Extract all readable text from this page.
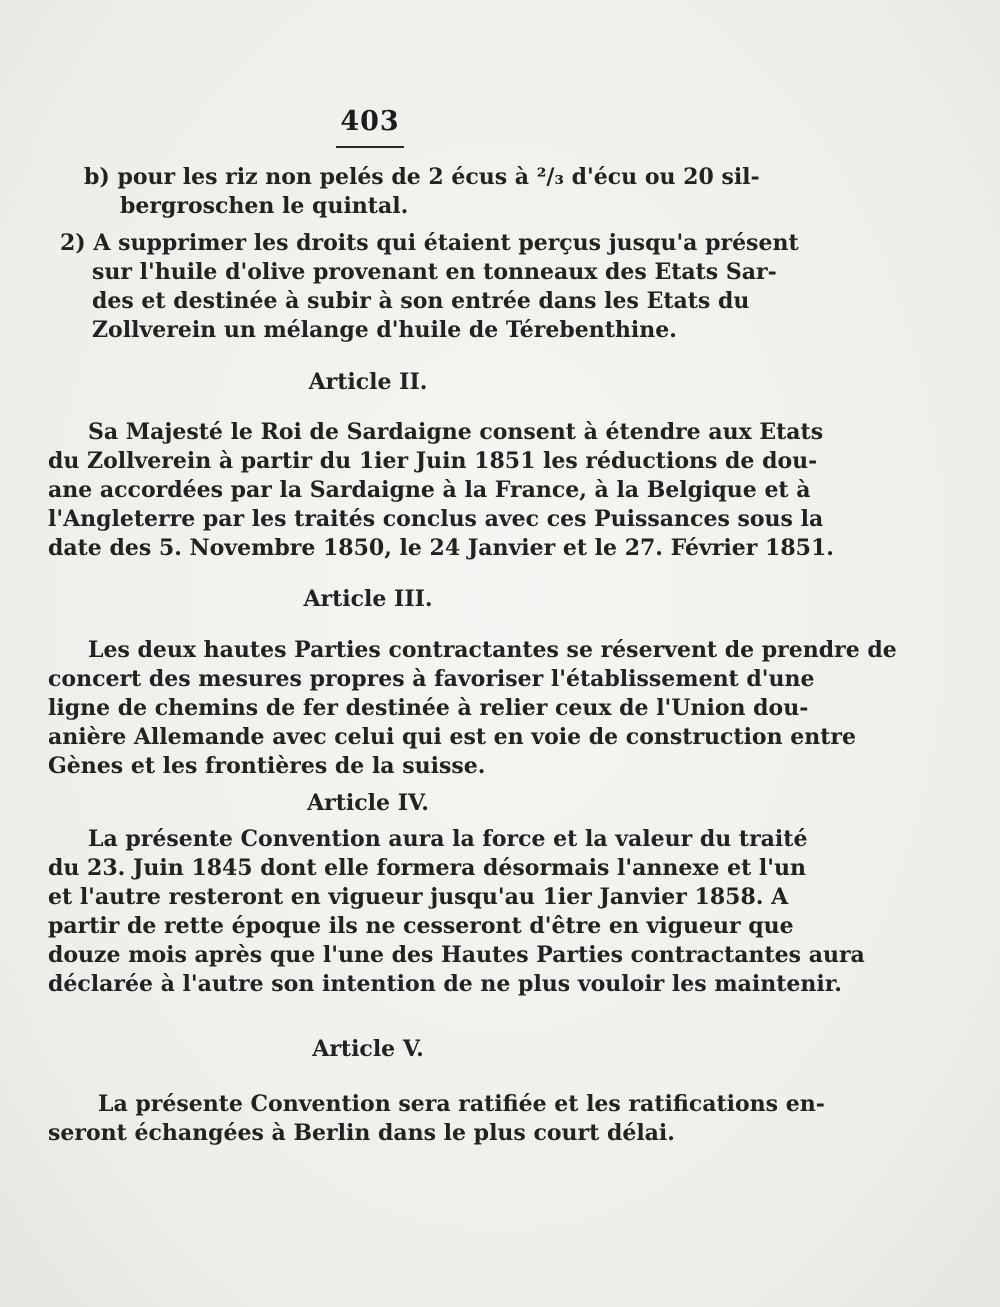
403
b) pour les riz non pelés de 2 écus à ²/₃ d'écu ou 20 sil-
bergroschen le quintal.
2) A supprimer les droits qui étaient perçus jusqu'a présent
sur l'huile d'olive provenant en tonneaux des Etats Sar-
des et destinée à subir à son entrée dans les Etats du
Zollverein un mélange d'huile de Térebenthine.
Article II.
Sa Majesté le Roi de Sardaigne consent à étendre aux Etats
du Zollverein à partir du 1ier Juin 1851 les réductions de dou-
ane accordées par la Sardaigne à la France, à la Belgique et à
l'Angleterre par les traités conclus avec ces Puissances sous la
date des 5. Novembre 1850, le 24 Janvier et le 27. Février 1851.
Article III.
Les deux hautes Parties contractantes se réservent de prendre de
concert des mesures propres à favoriser l'établissement d'une
ligne de chemins de fer destinée à relier ceux de l'Union dou-
anière Allemande avec celui qui est en voie de construction entre
Gènes et les frontières de la suisse.
Article IV.
La présente Convention aura la force et la valeur du traité
du 23. Juin 1845 dont elle formera désormais l'annexe et l'un
et l'autre resteront en vigueur jusqu'au 1ier Janvier 1858. A
partir de rette époque ils ne cesseront d'être en vigueur que
douze mois après que l'une des Hautes Parties contractantes aura
déclarée à l'autre son intention de ne plus vouloir les maintenir.
Article V.
La présente Convention sera ratifiée et les ratifications en-
seront échangées à Berlin dans le plus court délai.
